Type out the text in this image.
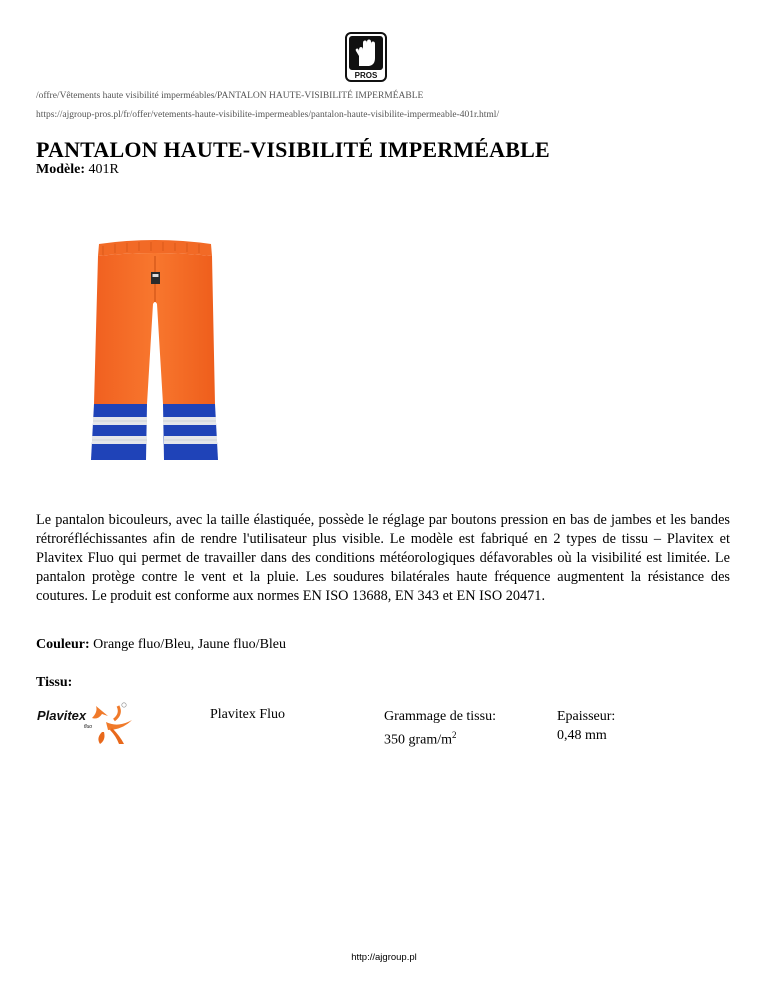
PROS
/offre/Vêtements haute visibilité imperméables/PANTALON HAUTE-VISIBILITÉ IMPERMÉABLE
https://ajgroup-pros.pl/fr/offer/vetements-haute-visibilite-impermeables/pantalon-haute-visibilite-impermeable-401r.html/
PANTALON HAUTE-VISIBILITÉ IMPERMÉABLE
Modèle: 401R

Le pantalon bicouleurs, avec la taille élastiquée, possède le réglage par boutons pression en bas de jambes et les bandes rétroréfléchissantes afin de rendre l'utilisateur plus visible. Le modèle est fabriqué en 2 types de tissu – Plavitex et Plavitex Fluo qui permet de travailler dans des conditions météorologiques défavorables où la visibilité est limitée. Le pantalon protège contre le vent et la pluie. Les soudures bilatérales haute fréquence augmentent la résistance des coutures. Le produit est conforme aux normes EN ISO 13688, EN 343 et EN ISO 20471.

Couleur: Orange fluo/Bleu, Jaune fluo/Bleu
Tissu:
Plavitex
fluo
Plavitex Fluo	Grammage de tissu:
350 gram/$m^2$
Epaisseur:
0,48 mm
http://ajgroup.pl
